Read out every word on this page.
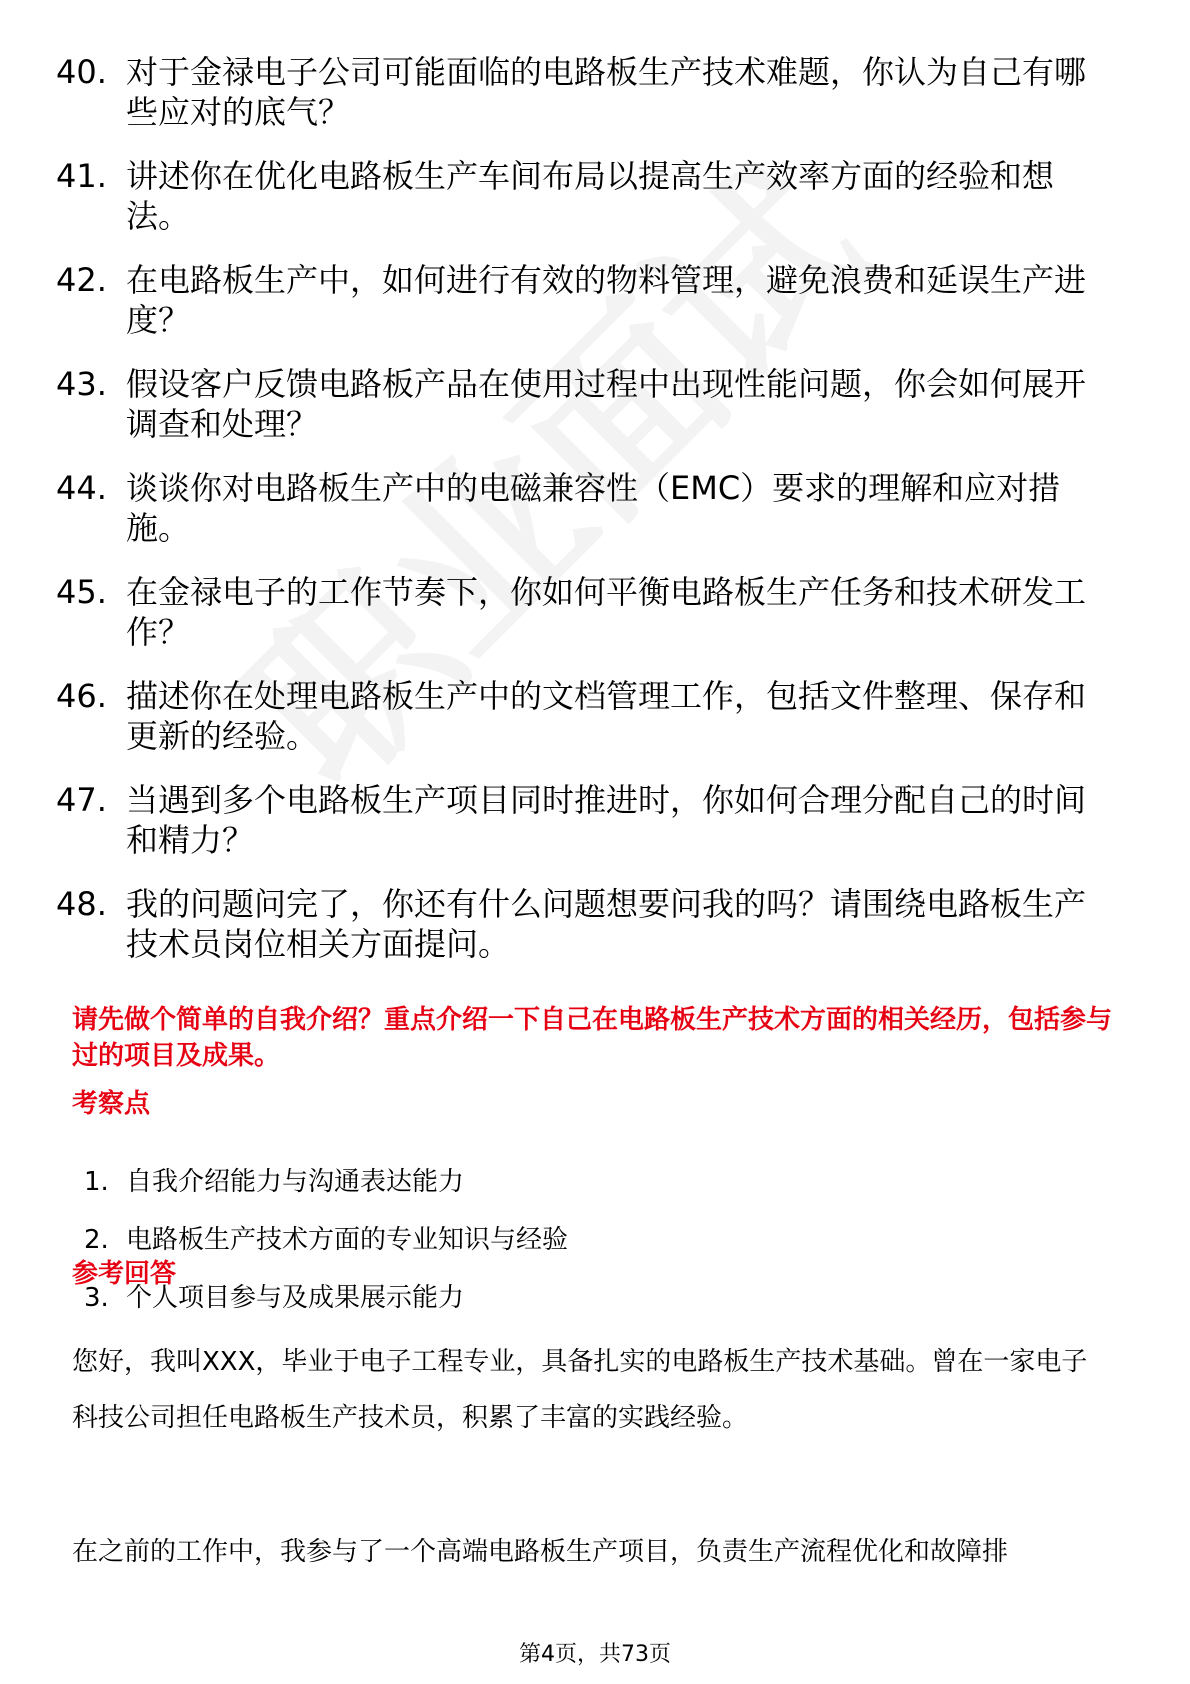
40. 对于金禄电子公司可能面临的电路板生产技术难题，你认为自己有哪些应对的底气？
41. 讲述你在优化电路板生产车间布局以提高生产效率方面的经验和想法。
42. 在电路板生产中，如何进行有效的物料管理，避免浪费和延误生产进度？
43. 假设客户反馈电路板产品在使用过程中出现性能问题，你会如何展开调查和处理？
44. 谈谈你对电路板生产中的电磁兼容性（EMC）要求的理解和应对措施。
45. 在金禄电子的工作节奏下，你如何平衡电路板生产任务和技术研发工作？
46. 描述你在处理电路板生产中的文档管理工作，包括文件整理、保存和更新的经验。
47. 当遇到多个电路板生产项目同时推进时，你如何合理分配自己的时间和精力？
48. 我的问题问完了，你还有什么问题想要问我的吗？请围绕电路板生产技术员岗位相关方面提问。
请先做个简单的自我介绍？重点介绍一下自己在电路板生产技术方面的相关经历，包括参与过的项目及成果。
考察点
1. 自我介绍能力与沟通表达能力
2. 电路板生产技术方面的专业知识与经验
3. 个人项目参与及成果展示能力
参考回答
您好，我叫XXX，毕业于电子工程专业，具备扎实的电路板生产技术基础。曾在一家电子科技公司担任电路板生产技术员，积累了丰富的实践经验。
在之前的工作中，我参与了一个高端电路板生产项目，负责生产流程优化和故障排
第4页，共73页
